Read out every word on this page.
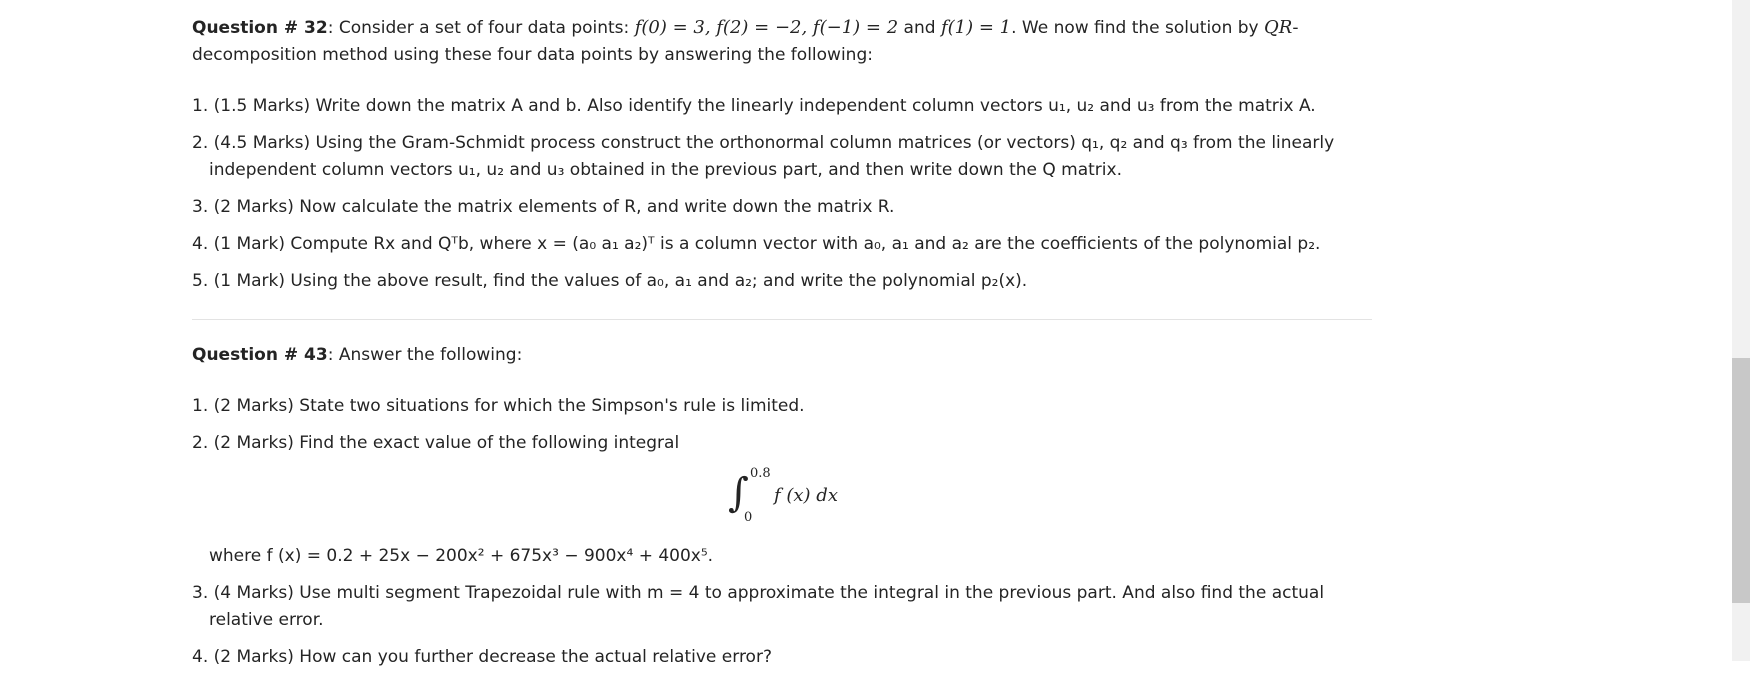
Question # 32: Consider a set of four data points: f(0) = 3, f(2) = −2, f(−1) = 2 and f(1) = 1. We now find the solution by QR-decomposition method using these four data points by answering the following:

1. (1.5 Marks) Write down the matrix A and b. Also identify the linearly independent column vectors u₁, u₂ and u₃ from the matrix A.
2. (4.5 Marks) Using the Gram-Schmidt process construct the orthonormal column matrices (or vectors) q₁, q₂ and q₃ from the linearly independent column vectors u₁, u₂ and u₃ obtained in the previous part, and then write down the Q matrix.
3. (2 Marks) Now calculate the matrix elements of R, and write down the matrix R.
4. (1 Mark) Compute Rx and Qᵀb, where x = (a₀ a₁ a₂)ᵀ is a column vector with a₀, a₁ and a₂ are the coefficients of the polynomial p₂.
5. (1 Mark) Using the above result, find the values of a₀, a₁ and a₂; and write the polynomial p₂(x).

Question # 43: Answer the following:

1. (2 Marks) State two situations for which the Simpson's rule is limited.
2. (2 Marks) Find the exact value of the following integral
∫ 0.8
0
f (x) dx

where f (x) = 0.2 + 25x − 200x² + 675x³ − 900x⁴ + 400x⁵.

3. (4 Marks) Use multi segment Trapezoidal rule with m = 4 to approximate the integral in the previous part. And also find the actual relative error.
4. (2 Marks) How can you further decrease the actual relative error?
